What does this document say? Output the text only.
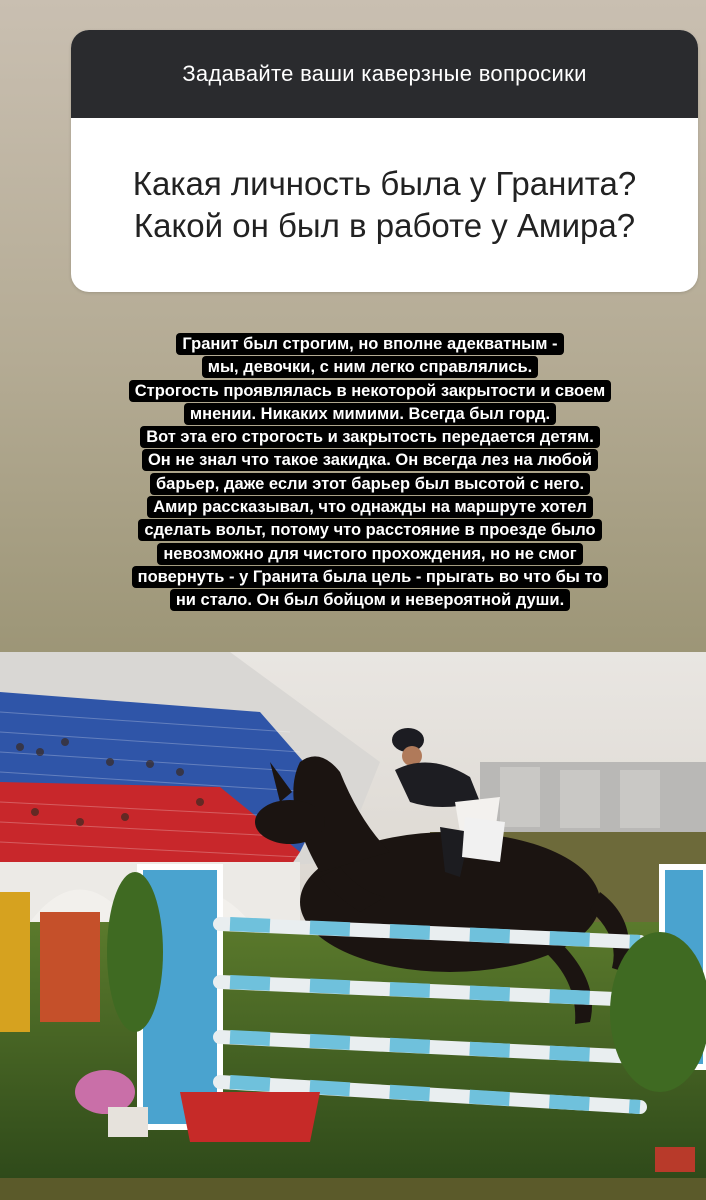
Задавайте ваши каверзные вопросики
Какая личность была у Гранита?
Какой он был в работе у Амира?
Гранит был строгим, но вполне адекватным -
мы, девочки, с ним легко справлялись.
Строгость проявлялась в некоторой закрытости и своем
мнении. Никаких мимими. Всегда был горд.
Вот эта его строгость и закрытость передается детям.
Он не знал что такое закидка. Он всегда лез на любой
барьер, даже если этот барьер был высотой с него.
Амир рассказывал, что однажды на маршруте хотел
сделать вольт, потому что расстояние в проезде было
невозможно для чистого прохождения, но не смог
повернуть - у Гранита была цель - прыгать во что бы то
ни стало. Он был бойцом и невероятной души.
